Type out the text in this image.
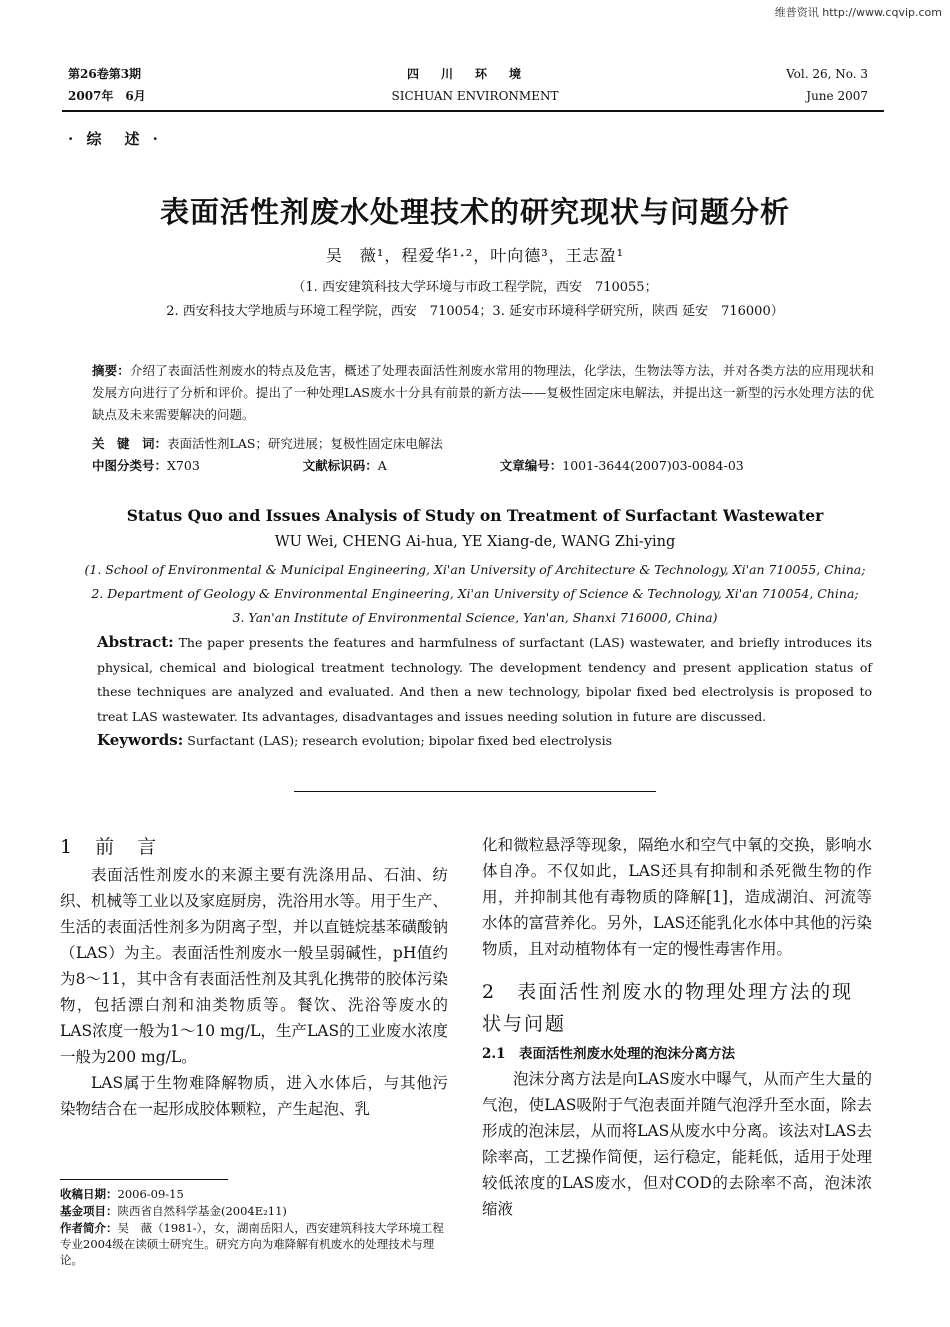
维普资讯 http://www.cqvip.com
第26卷第3期
2007年　6月
四川环境
SICHUAN ENVIRONMENT
Vol. 26, No. 3
June 2007
· 综　述 ·
表面活性剂废水处理技术的研究现状与问题分析
吴　薇¹，程爱华¹·²，叶向德³，王志盈¹
（1. 西安建筑科技大学环境与市政工程学院，西安　710055；
2. 西安科技大学地质与环境工程学院，西安　710054；3. 延安市环境科学研究所，陕西 延安　716000）
摘要：介绍了表面活性剂废水的特点及危害，概述了处理表面活性剂废水常用的物理法，化学法，生物法等方法，并对各类方法的应用现状和发展方向进行了分析和评价。提出了一种处理LAS废水十分具有前景的新方法——复极性固定床电解法，并提出这一新型的污水处理方法的优缺点及未来需要解决的问题。
关　键　词：表面活性剂LAS；研究进展；复极性固定床电解法
中图分类号：X703	文献标识码：A	文章编号：1001-3644(2007)03-0084-03
Status Quo and Issues Analysis of Study on Treatment of Surfactant Wastewater
WU Wei, CHENG Ai-hua, YE Xiang-de, WANG Zhi-ying
(1. School of Environmental & Municipal Engineering, Xi'an University of Architecture & Technology, Xi'an 710055, China;
2. Department of Geology & Environmental Engineering, Xi'an University of Science & Technology, Xi'an 710054, China;
3. Yan'an Institute of Environmental Science, Yan'an, Shanxi 716000, China)
Abstract: The paper presents the features and harmfulness of surfactant (LAS) wastewater, and briefly introduces its physical, chemical and biological treatment technology. The development tendency and present application status of these techniques are analyzed and evaluated. And then a new technology, bipolar fixed bed electrolysis is proposed to treat LAS wastewater. Its advantages, disadvantages and issues needing solution in future are discussed.
Keywords: Surfactant (LAS); research evolution; bipolar fixed bed electrolysis
1　前　言

表面活性剂废水的来源主要有洗涤用品、石油、纺织、机械等工业以及家庭厨房，洗浴用水等。用于生产、生活的表面活性剂多为阴离子型，并以直链烷基苯磺酸钠（LAS）为主。表面活性剂废水一般呈弱碱性，pH值约为8～11，其中含有表面活性剂及其乳化携带的胶体污染物，包括漂白剂和油类物质等。餐饮、洗浴等废水的LAS浓度一般为1～10 mg/L，生产LAS的工业废水浓度一般为200 mg/L。

LAS属于生物难降解物质，进入水体后，与其他污染物结合在一起形成胶体颗粒，产生起泡、乳

化和微粒悬浮等现象，隔绝水和空气中氧的交换，影响水体自净。不仅如此，LAS还具有抑制和杀死微生物的作用，并抑制其他有毒物质的降解[1]，造成湖泊、河流等水体的富营养化。另外，LAS还能乳化水体中其他的污染物质，且对动植物体有一定的慢性毒害作用。

2　表面活性剂废水的物理处理方法的现状与问题
2.1　表面活性剂废水处理的泡沫分离方法

泡沫分离方法是向LAS废水中曝气，从而产生大量的气泡，使LAS吸附于气泡表面并随气泡浮升至水面，除去形成的泡沫层，从而将LAS从废水中分离。该法对LAS去除率高，工艺操作简便，运行稳定，能耗低，适用于处理较低浓度的LAS废水，但对COD的去除率不高，泡沫浓缩液

收稿日期：2006-09-15
基金项目：陕西省自然科学基金(2004E₂11)
作者简介：吴　薇（1981-），女，湖南岳阳人，西安建筑科技大学环境工程专业2004级在读硕士研究生。研究方向为难降解有机废水的处理技术与理论。
